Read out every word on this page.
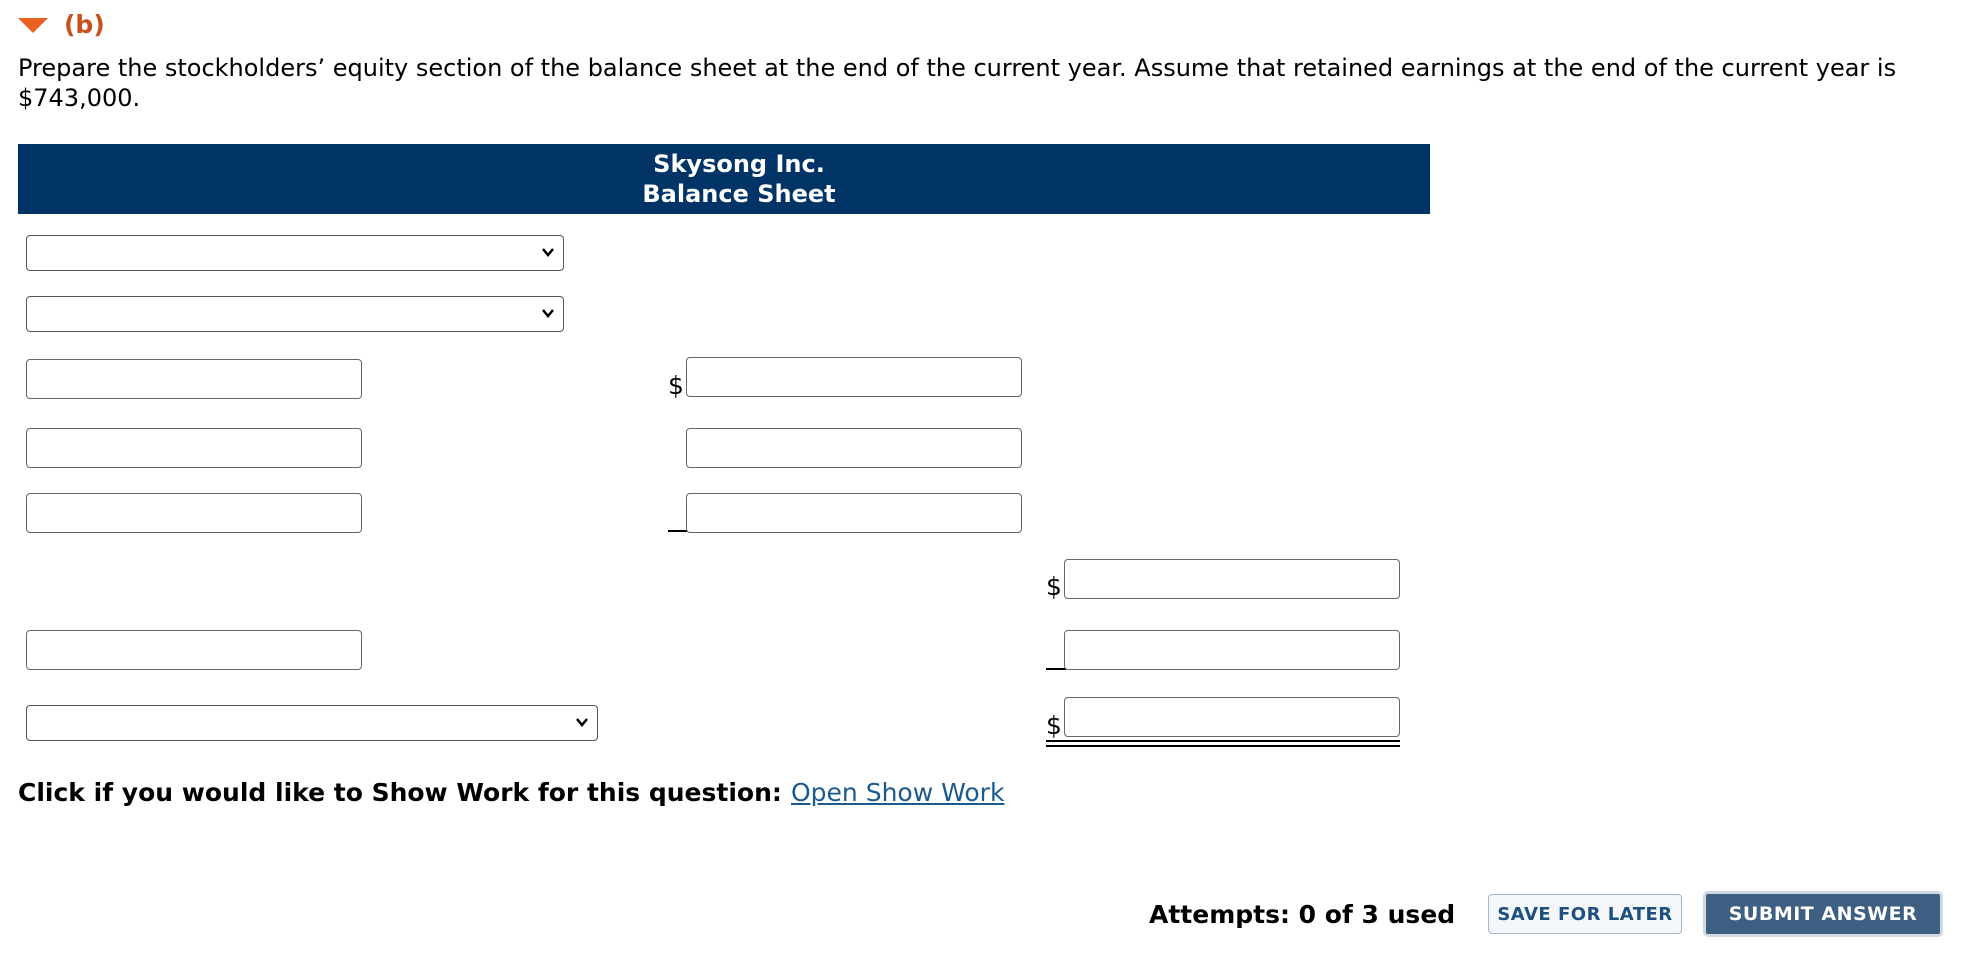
(b)
Prepare the stockholders’ equity section of the balance sheet at the end of the current year. Assume that retained earnings at the end of the current year is $743,000.
Skysong Inc.
Balance Sheet
$
$
$
Click if you would like to Show Work for this question: Open Show Work
Attempts: 0 of 3 used	SAVE FOR LATER	SUBMIT ANSWER
